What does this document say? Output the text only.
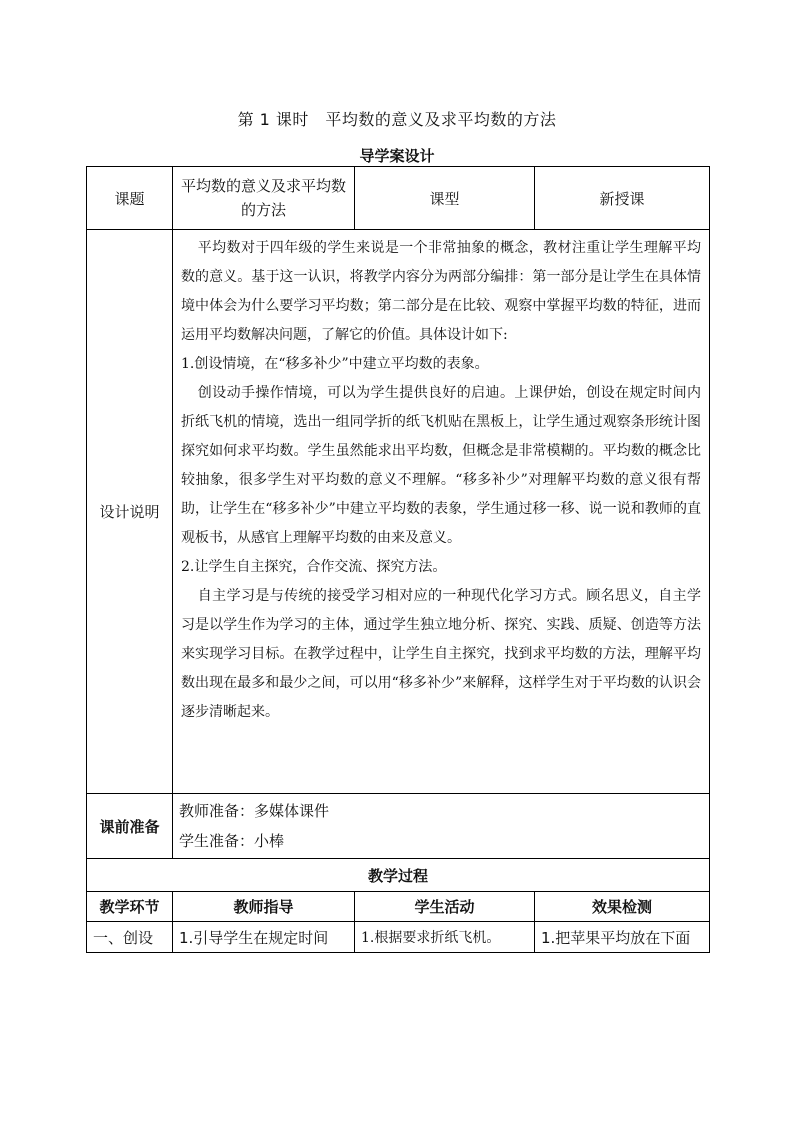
第 1 课时　平均数的意义及求平均数的方法
导学案设计
课题	平均数的意义及求平均数的方法	课型	新授课
设计说明	平均数对于四年级的学生来说是一个非常抽象的概念，教材注重让学生理解平均数的意义。基于这一认识，将教学内容分为两部分编排：第一部分是让学生在具体情境中体会为什么要学习平均数；第二部分是在比较、观察中掌握平均数的特征，进而运用平均数解决问题，了解它的价值。具体设计如下:

1.创设情境，在“移多补少”中建立平均数的表象。

创设动手操作情境，可以为学生提供良好的启迪。上课伊始，创设在规定时间内折纸飞机的情境，选出一组同学折的纸飞机贴在黑板上，让学生通过观察条形统计图探究如何求平均数。学生虽然能求出平均数，但概念是非常模糊的。平均数的概念比较抽象，很多学生对平均数的意义不理解。“移多补少”对理解平均数的意义很有帮助，让学生在“移多补少”中建立平均数的表象，学生通过移一移、说一说和教师的直观板书，从感官上理解平均数的由来及意义。

2.让学生自主探究，合作交流、探究方法。

自主学习是与传统的接受学习相对应的一种现代化学习方式。顾名思义，自主学习是以学生作为学习的主体，通过学生独立地分析、探究、实践、质疑、创造等方法来实现学习目标。在教学过程中，让学生自主探究，找到求平均数的方法，理解平均数出现在最多和最少之间，可以用“移多补少”来解释，这样学生对于平均数的认识会逐步清晰起来。		

课前准备	教师准备：多媒体课件
学生准备：小棒		

教学过程			
教学环节	教师指导	学生活动	效果检测
一、创设	1.引导学生在规定时间	1.根据要求折纸飞机。	1.把苹果平均放在下面
